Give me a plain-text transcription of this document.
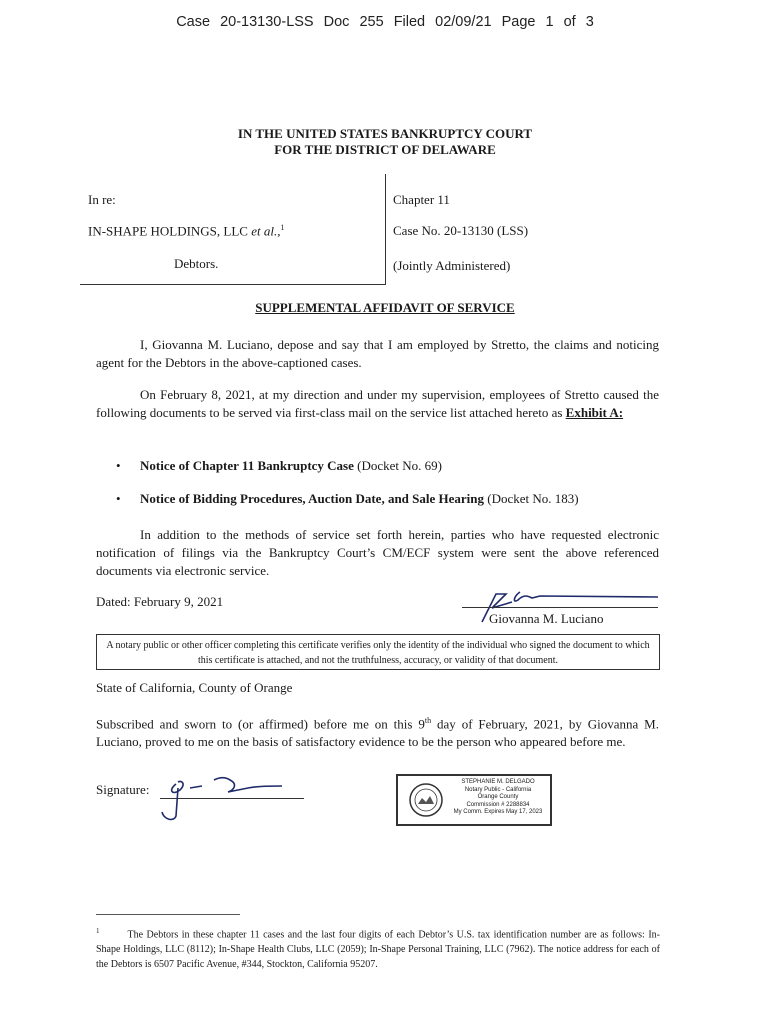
Case 20-13130-LSS Doc 255 Filed 02/09/21 Page 1 of 3
IN THE UNITED STATES BANKRUPTCY COURT
FOR THE DISTRICT OF DELAWARE
In re:
IN-SHAPE HOLDINGS, LLC et al.,$^1$
Debtors.
Chapter 11
Case No. 20-13130 (LSS)
(Jointly Administered)
SUPPLEMENTAL AFFIDAVIT OF SERVICE
I, Giovanna M. Luciano, depose and say that I am employed by Stretto, the claims and noticing agent for the Debtors in the above-captioned cases.
On February 8, 2021, at my direction and under my supervision, employees of Stretto caused the following documents to be served via first-class mail on the service list attached hereto as Exhibit A:
• Notice of Chapter 11 Bankruptcy Case (Docket No. 69)
• Notice of Bidding Procedures, Auction Date, and Sale Hearing (Docket No. 183)
In addition to the methods of service set forth herein, parties who have requested electronic notification of filings via the Bankruptcy Court’s CM/ECF system were sent the above referenced documents via electronic service.
Dated: February 9, 2021
Giovanna M. Luciano
A notary public or other officer completing this certificate verifies only the identity of the individual who signed the document to which this certificate is attached, and not the truthfulness, accuracy, or validity of that document.
State of California, County of Orange
Subscribed and sworn to (or affirmed) before me on this 9th day of February, 2021, by Giovanna M. Luciano, proved to me on the basis of satisfactory evidence to be the person who appeared before me.
Signature:	STEPHANIE M. DELGADO
Notary Public - California
Orange County
Commission # 2288834
My Comm. Expires May 17, 2023
$^1$	The Debtors in these chapter 11 cases and the last four digits of each Debtor’s U.S. tax identification number are as follows: In-Shape Holdings, LLC (8112); In-Shape Health Clubs, LLC (2059); In-Shape Personal Training, LLC (7962). The notice address for each of the Debtors is 6507 Pacific Avenue, #344, Stockton, California 95207.
